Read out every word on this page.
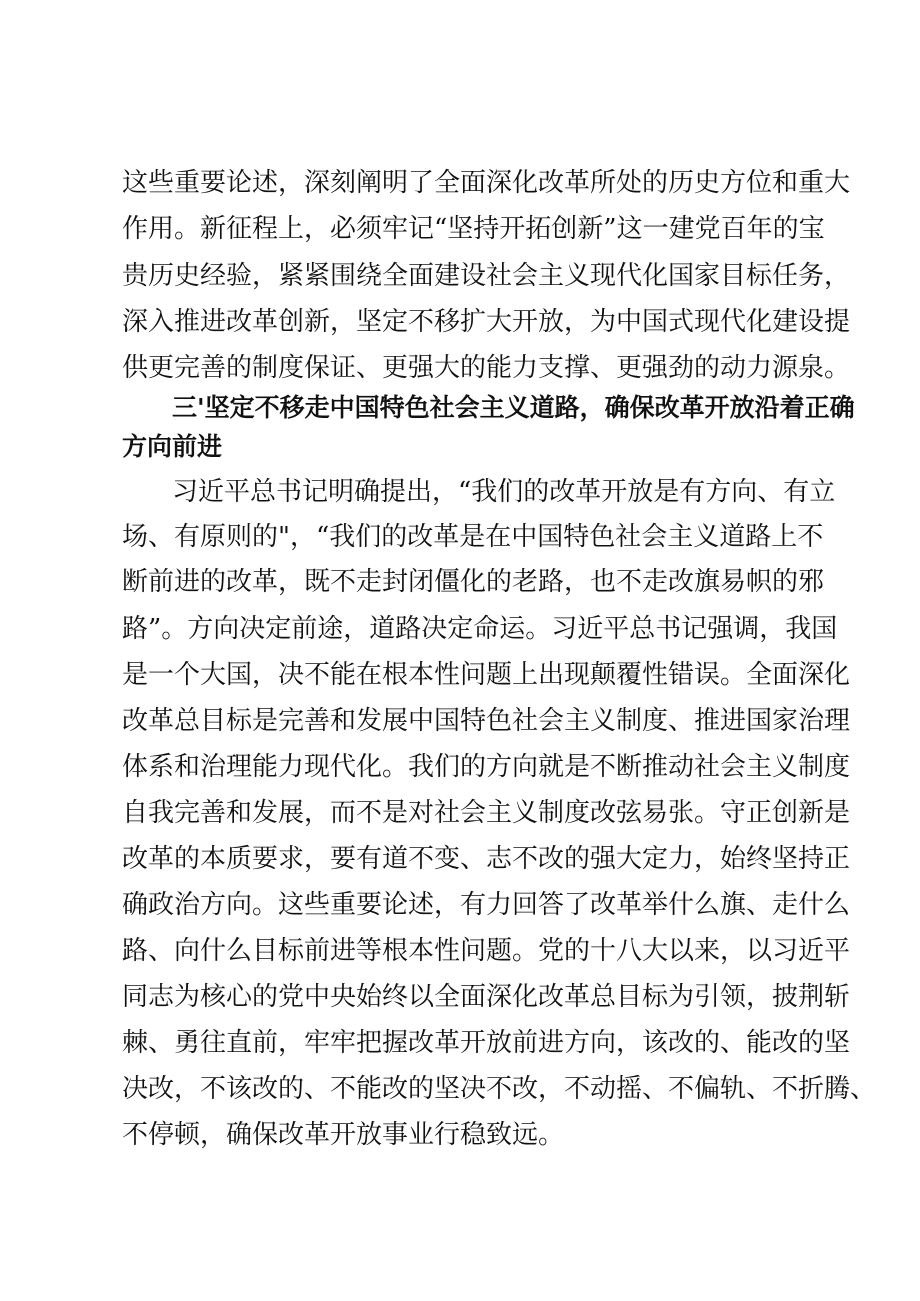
这些重要论述，深刻阐明了全面深化改革所处的历史方位和重大
作用。新征程上，必须牢记“坚持开拓创新”这一建党百年的宝
贵历史经验，紧紧围绕全面建设社会主义现代化国家目标任务，
深入推进改革创新，坚定不移扩大开放，为中国式现代化建设提
供更完善的制度保证、更强大的能力支撑、更强劲的动力源泉。
三'坚定不移走中国特色社会主义道路，确保改革开放沿着正确
方向前进
习近平总书记明确提出，“我们的改革开放是有方向、有立
场、有原则的"，“我们的改革是在中国特色社会主义道路上不
断前进的改革，既不走封闭僵化的老路，也不走改旗易帜的邪
路”。方向决定前途，道路决定命运。习近平总书记强调，我国
是一个大国，决不能在根本性问题上出现颠覆性错误。全面深化
改革总目标是完善和发展中国特色社会主义制度、推进国家治理
体系和治理能力现代化。我们的方向就是不断推动社会主义制度
自我完善和发展，而不是对社会主义制度改弦易张。守正创新是
改革的本质要求，要有道不变、志不改的强大定力，始终坚持正
确政治方向。这些重要论述，有力回答了改革举什么旗、走什么
路、向什么目标前进等根本性问题。党的十八大以来，以习近平
同志为核心的党中央始终以全面深化改革总目标为引领，披荆斩
棘、勇往直前，牢牢把握改革开放前进方向，该改的、能改的坚
决改，不该改的、不能改的坚决不改，不动摇、不偏轨、不折腾、
不停顿，确保改革开放事业行稳致远。
